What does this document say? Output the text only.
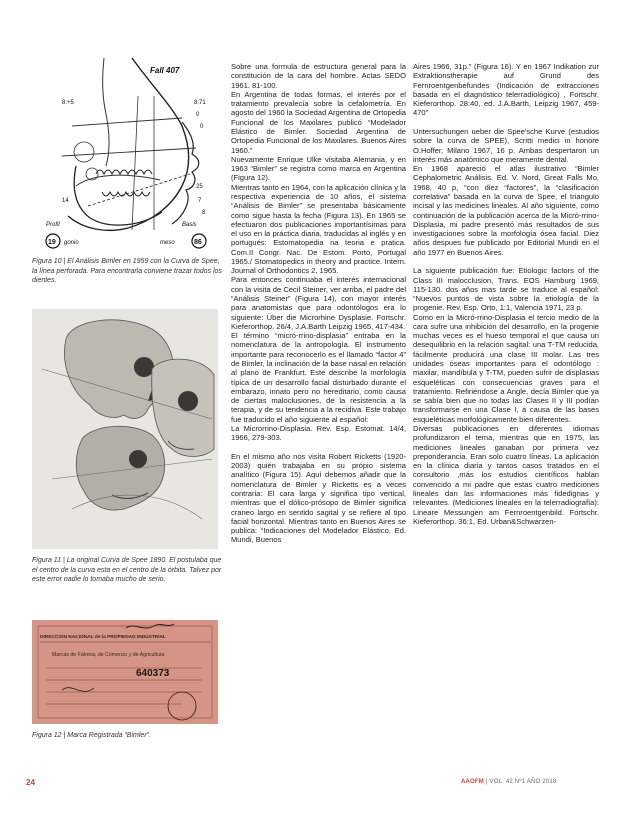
Fall 407
8:+5	8:71
0
0
25
14	7
8
Profil	Basis
19 gonio	meso	86
Figura 10 | El Análisis Bimler en 1959 con la Curva de Spee, la línea perforada. Para encontrarla conviene trazar todos los dientes.
Figura 11 | La original Curva de Spee 1890. El postulaba que el centro de la curva esta en el centro de la órbita. Talvez por este error nadie lo tomaba mucho de serio.
DIRECCION NACIONAL de la PROPIEDAD INDUSTRIAL
Marcas de Fábrica, de Comercio y de Agricultura
640373
Figura 12 | Marca Registrada “Bimler”.

Sobre una formula de estructura general para la constitución de la cara del hombre. Actas SEDO 1961. 81-100.

En Argentina de todas formas, el interés por el tratamiento prevalecía sobre la cefalometría. En agosto del 1960 la Sociedad Argentina de Ortopedia Funcional de los Maxilares publicó “Modelador Elástico de Bimler. Sociedad Argentina de Ortopedia Funcional de los Maxilares. Buenos Aires 1960.”

Nuevamente Enrique Ulke visitaba Alemania, y en 1963 “Bimler” se registra como marca en Argentina (Figura 12).

Mientras tanto en 1964, con la aplicación clínica y la respectiva experiencia de 10 años, el sistema “Análisis de Bimler” se presentaba básicamente como sigue hasta la fecha (Figura 13). En 1965 se efectuaron dos publicaciones importantísimas para el uso en la práctica diaria, traducidas al inglés y en portugués: Estomatopedia na teoria e pratica. Com.II Congr. Nac. De Estom. Porto, Portugal 1965./ Stomatopedics in theory and practice. Intern. Journal of Orthodontics 2, 1965.

Para entonces continuaba el interés internacional con la visita de Cecil Steiner, ver arriba, el padre del “Análisis Steiner” (Figura 14), con mayor interés para anatomistas que para odontólogos era lo siguiente: Über die Microrhine Dysplasie. Fortschr. Kieferorthop. 26/4, J.A.Barth Leipzig 1965, 417-434.

El término “micró-rrino-displasia” entraba en la nomenclatura de la antropología. El instrumento importante para reconocerlo es el llamado “factor 4” de Bimler, la inclinación de la base nasal en relación al plano de Frankfurt. Este describe la morfología típica de un desarrollo facial disturbado durante el embarazo, innato pero no hereditario, como causa de ciertas maloclusiones, de la resistencia a la terapia, y de su tendencia a la recidiva. Este trabajo fue traducido el año siguiente al español:

La Microrrino-Displasia. Rev. Esp. Estomat. 14/4, 1966, 279-303.

En el mismo año nos visita Robert Ricketts (1920-2003) quién trabajaba en su própio sistema analítico (Figura 15). Aquí debemos añadir que la nomenclatura de Bimler y Ricketts es a veces contraria: El cara larga y significa tipo vertical, mientras que el dólico-prósopo de Bimler significa craneo largo en sentido sagital y se refiere al tipo facial horizontal. Mientras tanto en Buenos Aires se publica: “Indicaciones del Modelador Elástico. Ed. Mundi, Buenos

Aires 1966, 31p.” (Figura 16). Y en 1967 Indikation zur Extraktionstherapie auf Grund des Fernroentgenbefundes (Indicación de extracciones basada en el diagnóstico telerradiológico) , Fortschr. Kieferorthop. 28:40, ed. J.A.Barth, Leipzig 1967, 459-470”

Untersuchungen ueber die Spee'sche Kurve (estudios sobre la curva de SPEE), Scritti medici in honore O.Hoffer, Milano 1967, 16 p. Ambas despertaron un interés más anatómico que meramente dental.

En 1968 apareció el atlas ilustrativo “Bimler Cephalometric Análisis. Ed. V. Nord, Great Falls Mo, 1968, 40 p, “con diez “factores”, la “clasificación correlativa” basada en la curva de Spee, el triangulo incisal y las medicines lineales. Al año siguiente, como continuación de la publicación acerca de la Micró-rrino-Displasia, mi padre presentó más resultados de sus investigaciones sobre la morfología ósea facial. Diez años despues fue publicado por Editorial Mundi en el año 1977 en Buenos Aires.

La siguiente publicación fue: Etiologic factors of the Class III malocclusion, Trans. EOS Hamburg 1969, 115-130. dos años mas tarde se traduce al español: “Nuevos puntos de vista sobre la etiología de la progenie. Rev. Esp. Orto, 1:1, Valencia 1971, 23 p.

Como en la Micró-rrino-Displasia el tercio medio de la cara sufre una inhibición del desarrollo, en la progenie muchas veces es el hueso temporal el que causa un desequilibrio en la relación sagital: una T-TM reducida, fácilmente producirá una clase III molar. Las tres unidades óseas importantes para el odontólogo : maxilar, mandíbula y T-TM, pueden sufrir de displasias esqueléticas con consecuencias graves para el tratamiento. Refiriéndose a Angle, decía Bimler que ya se sabía bien que no todas las Clases II y III podían transformarse en una Clase I, a causa de las bases esqueléticas morfológicamente bien diferentes.

Diversas publicaciones en diferentes idiomas profundizaron el tema, mientras que en 1975, las mediciones lineales ganaban por primera vez preponderancia. Eran solo cuatro líneas. La aplicación en la clínica diaria y tantos casos tratados en el consultorio ,más los estudios científicos hablan convencido a mi padre que estas cuatro mediciones lineales dan las informaciones más fidedignas y relevantes. (Mediciones lineales en la telerradiografía): Lineare Messungen am Fernroentgenbild. Fortschr. Kieferorthop. 36:1, Ed. Urban&Schwarzen-

24	AAOFM | VOL. 42 Nº1 AÑO 2018
